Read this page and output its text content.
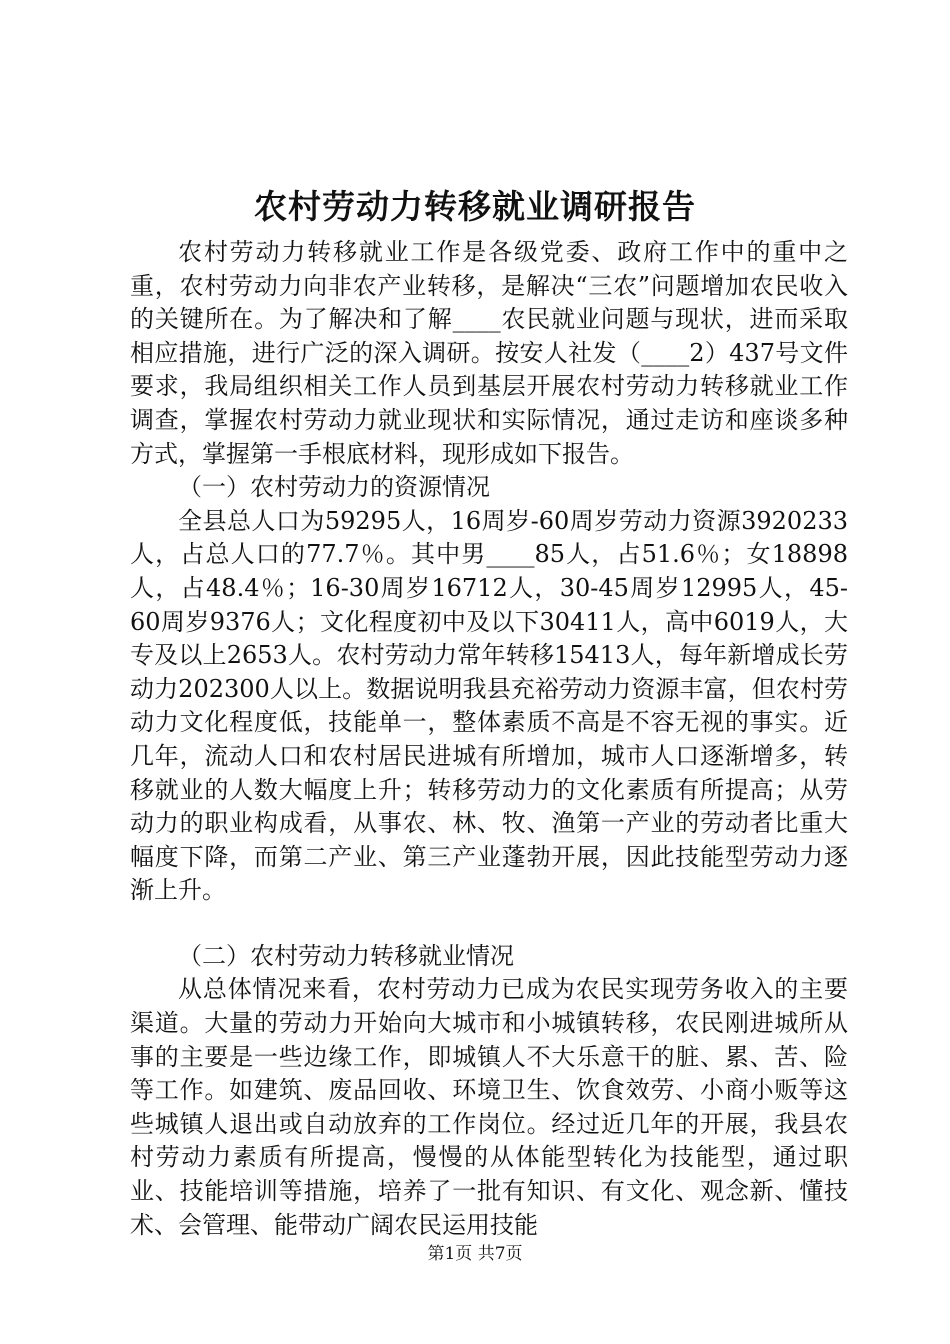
农村劳动力转移就业调研报告

农村劳动力转移就业工作是各级党委、政府工作中的重中之重，农村劳动力向非农产业转移，是解决“三农”问题增加农民收入的关键所在。为了解决和了解____农民就业问题与现状，进而采取相应措施，进行广泛的深入调研。按安人社发（____2）437号文件要求，我局组织相关工作人员到基层开展农村劳动力转移就业工作调查，掌握农村劳动力就业现状和实际情况，通过走访和座谈多种方式，掌握第一手根底材料，现形成如下报告。

（一）农村劳动力的资源情况

全县总人口为59295人，16周岁-60周岁劳动力资源3920233人，占总人口的77.7％。其中男____85人，占51.6％；女18898人，占48.4％；16-30周岁16712人，30-45周岁12995人，45-60周岁9376人；文化程度初中及以下30411人，高中6019人，大专及以上2653人。农村劳动力常年转移15413人，每年新增成长劳动力202300人以上。数据说明我县充裕劳动力资源丰富，但农村劳动力文化程度低，技能单一，整体素质不高是不容无视的事实。近几年，流动人口和农村居民进城有所增加，城市人口逐渐增多，转移就业的人数大幅度上升；转移劳动力的文化素质有所提高；从劳动力的职业构成看，从事农、林、牧、渔第一产业的劳动者比重大幅度下降，而第二产业、第三产业蓬勃开展，因此技能型劳动力逐渐上升。

（二）农村劳动力转移就业情况

从总体情况来看，农村劳动力已成为农民实现劳务收入的主要渠道。大量的劳动力开始向大城市和小城镇转移，农民刚进城所从事的主要是一些边缘工作，即城镇人不大乐意干的脏、累、苦、险等工作。如建筑、废品回收、环境卫生、饮食效劳、小商小贩等这些城镇人退出或自动放弃的工作岗位。经过近几年的开展，我县农村劳动力素质有所提高，慢慢的从体能型转化为技能型，通过职业、技能培训等措施，培养了一批有知识、有文化、观念新、懂技术、会管理、能带动广阔农民运用技能

第1页 共7页
